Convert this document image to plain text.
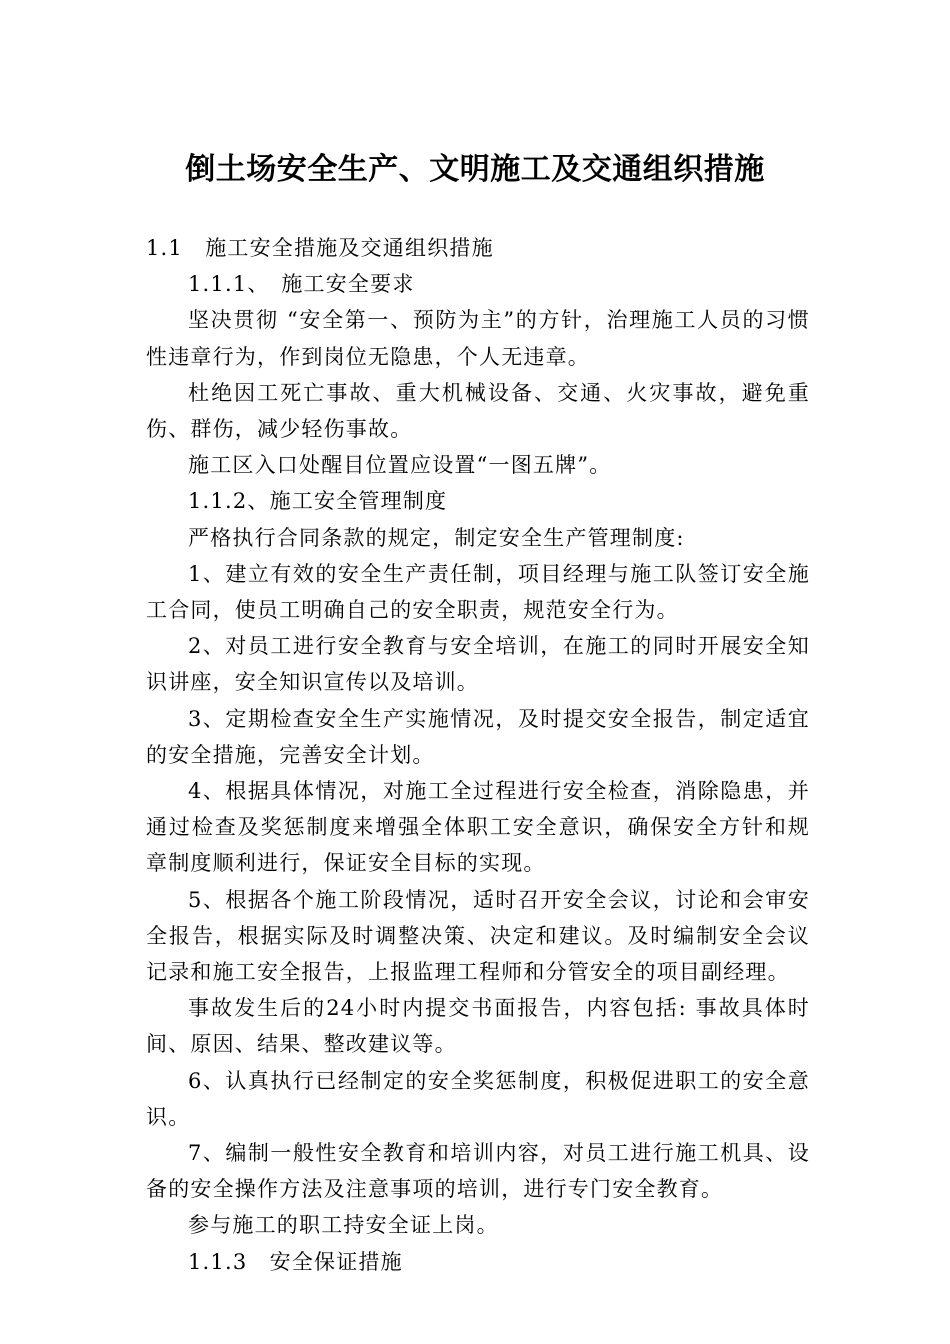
倒土场安全生产、文明施工及交通组织措施

1.1　施工安全措施及交通组织措施

1.1.1、　施工安全要求

坚决贯彻 “安全第一、预防为主”的方针，治理施工人员的习惯性违章行为，作到岗位无隐患，个人无违章。

杜绝因工死亡事故、重大机械设备、交通、火灾事故，避免重伤、群伤，减少轻伤事故。

施工区入口处醒目位置应设置“一图五牌”。

1.1.2、施工安全管理制度

严格执行合同条款的规定，制定安全生产管理制度:

1、建立有效的安全生产责任制，项目经理与施工队签订安全施工合同，使员工明确自己的安全职责，规范安全行为。

2、对员工进行安全教育与安全培训，在施工的同时开展安全知识讲座，安全知识宣传以及培训。

3、定期检查安全生产实施情况，及时提交安全报告，制定适宜的安全措施，完善安全计划。

4、根据具体情况，对施工全过程进行安全检查，消除隐患，并通过检查及奖惩制度来增强全体职工安全意识，确保安全方针和规章制度顺利进行，保证安全目标的实现。

5、根据各个施工阶段情况，适时召开安全会议，讨论和会审安全报告，根据实际及时调整决策、决定和建议。及时编制安全会议记录和施工安全报告，上报监理工程师和分管安全的项目副经理。

事故发生后的24小时内提交书面报告，内容包括: 事故具体时间、原因、结果、整改建议等。

6、认真执行已经制定的安全奖惩制度，积极促进职工的安全意识。

7、编制一般性安全教育和培训内容，对员工进行施工机具、设备的安全操作方法及注意事项的培训，进行专门安全教育。

参与施工的职工持安全证上岗。

1.1.3　安全保证措施
